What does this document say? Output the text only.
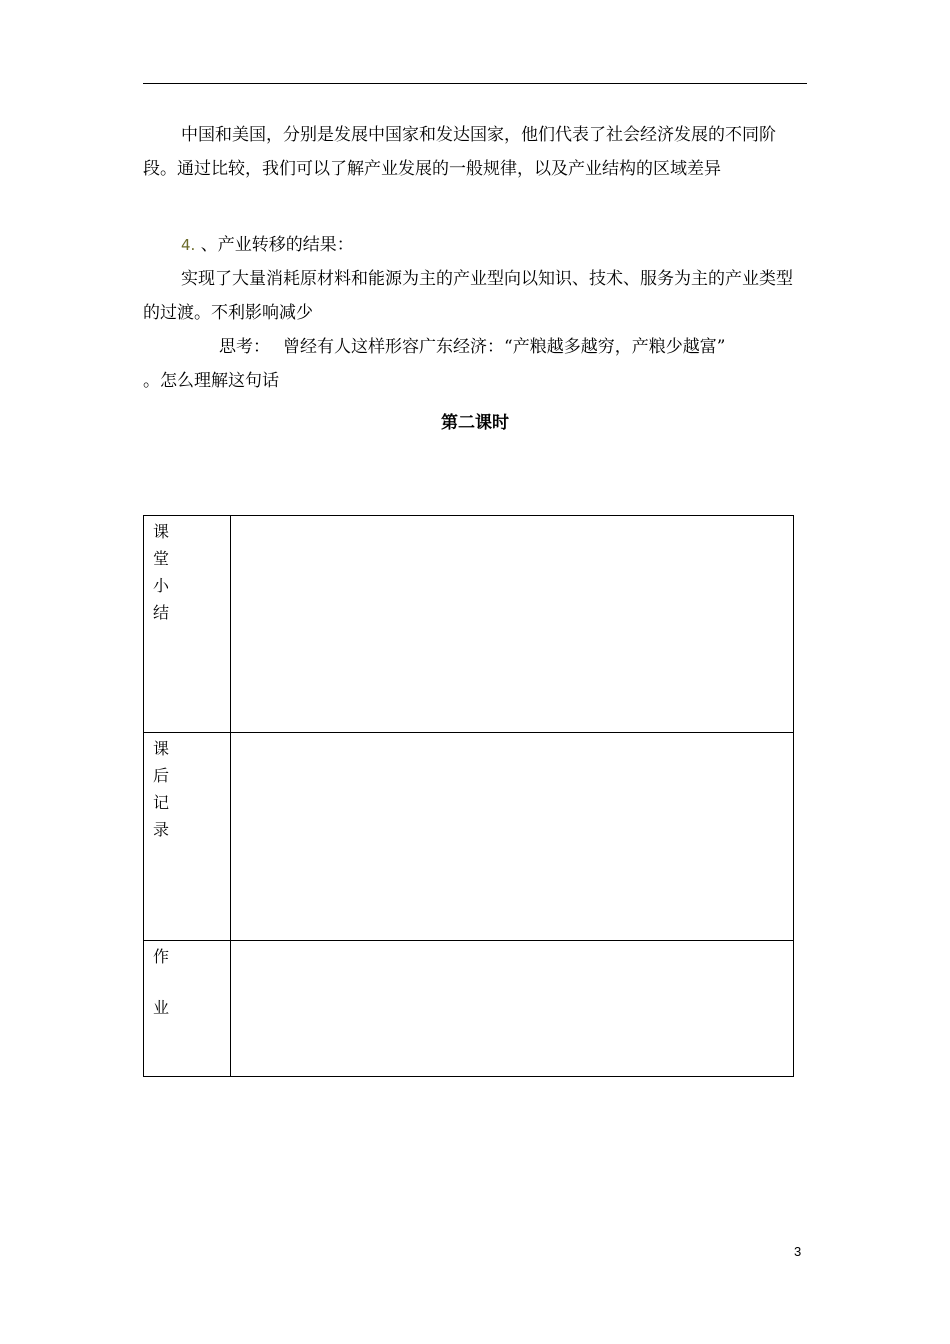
中国和美国，分别是发展中国家和发达国家，他们代表了社会经济发展的不同阶段。通过比较，我们可以了解产业发展的一般规律，以及产业结构的区域差异
4. 、产业转移的结果：
实现了大量消耗原材料和能源为主的产业型向以知识、技术、服务为主的产业类型的过渡。不利影响减少
思考： 曾经有人这样形容广东经济：“产粮越多越穷，产粮少越富”
。怎么理解这句话
第二课时
课
堂
小
结	

课
后
记
录	

作
业	

3
